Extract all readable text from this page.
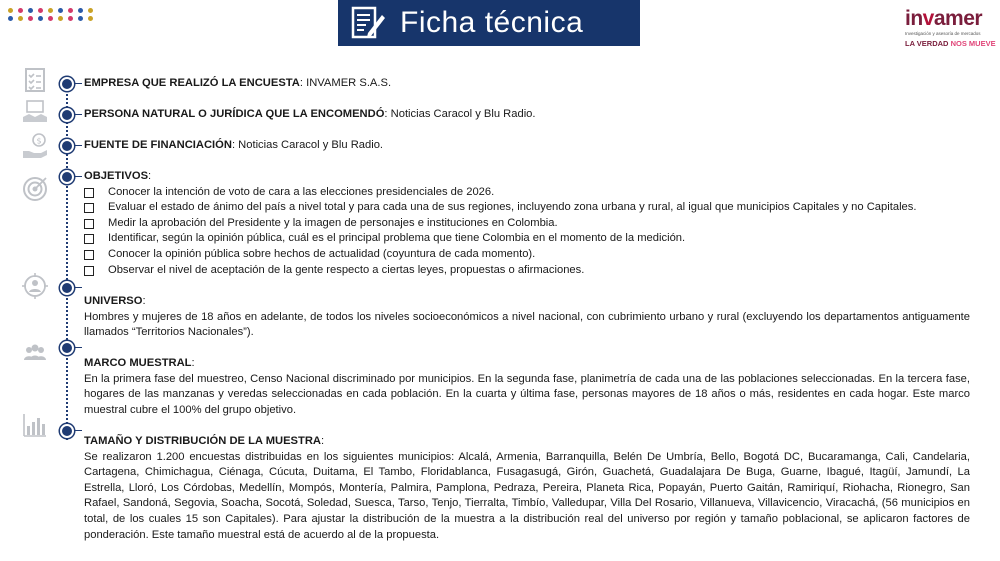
Ficha técnica	invamer
Investigación y asesoría de mercados
LA VERDAD NOS MUEVE
$
EMPRESA QUE REALIZÓ LA ENCUESTA: INVAMER S.A.S.
PERSONA NATURAL O JURÍDICA QUE LA ENCOMENDÓ: Noticias Caracol y Blu Radio.
FUENTE DE FINANCIACIÓN: Noticias Caracol y Blu Radio.
OBJETIVOS:
Conocer la intención de voto de cara a las elecciones presidenciales de 2026.
Evaluar el estado de ánimo del país a nivel total y para cada una de sus regiones, incluyendo zona urbana y rural, al igual que municipios Capitales y no Capitales.
Medir la aprobación del Presidente y la imagen de personajes e instituciones en Colombia.
Identificar, según la opinión pública, cuál es el principal problema que tiene Colombia en el momento de la medición.
Conocer la opinión pública sobre hechos de actualidad (coyuntura de cada momento).
Observar el nivel de aceptación de la gente respecto a ciertas leyes, propuestas o afirmaciones.
UNIVERSO:
Hombres y mujeres de 18 años en adelante, de todos los niveles socioeconómicos a nivel nacional, con cubrimiento urbano y rural (excluyendo los departamentos antiguamente llamados “Territorios Nacionales”).
MARCO MUESTRAL:
En la primera fase del muestreo, Censo Nacional discriminado por municipios. En la segunda fase, planimetría de cada una de las poblaciones seleccionadas. En la tercera fase, hogares de las manzanas y veredas seleccionadas en cada población. En la cuarta y última fase, personas mayores de 18 años o más, residentes en cada hogar. Este marco muestral cubre el 100% del grupo objetivo.
TAMAÑO Y DISTRIBUCIÓN DE LA MUESTRA:
Se realizaron 1.200 encuestas distribuidas en los siguientes municipios: Alcalá, Armenia, Barranquilla, Belén De Umbría, Bello, Bogotá DC, Bucaramanga, Cali, Candelaria, Cartagena, Chimichagua, Ciénaga, Cúcuta, Duitama, El Tambo, Floridablanca, Fusagasugá, Girón, Guachetá, Guadalajara De Buga, Guarne, Ibagué, Itagüí, Jamundí, La Estrella, Lloró, Los Córdobas, Medellín, Mompós, Montería, Palmira, Pamplona, Pedraza, Pereira, Planeta Rica, Popayán, Puerto Gaitán, Ramiriquí, Riohacha, Rionegro, San Rafael, Sandoná, Segovia, Soacha, Socotá, Soledad, Suesca, Tarso, Tenjo, Tierralta, Timbío, Valledupar, Villa Del Rosario, Villanueva, Villavicencio, Viracachá, (56 municipios en total, de los cuales 15 son Capitales). Para ajustar la distribución de la muestra a la distribución real del universo por región y tamaño poblacional, se aplicaron factores de ponderación. Este tamaño muestral está de acuerdo al de la propuesta.
